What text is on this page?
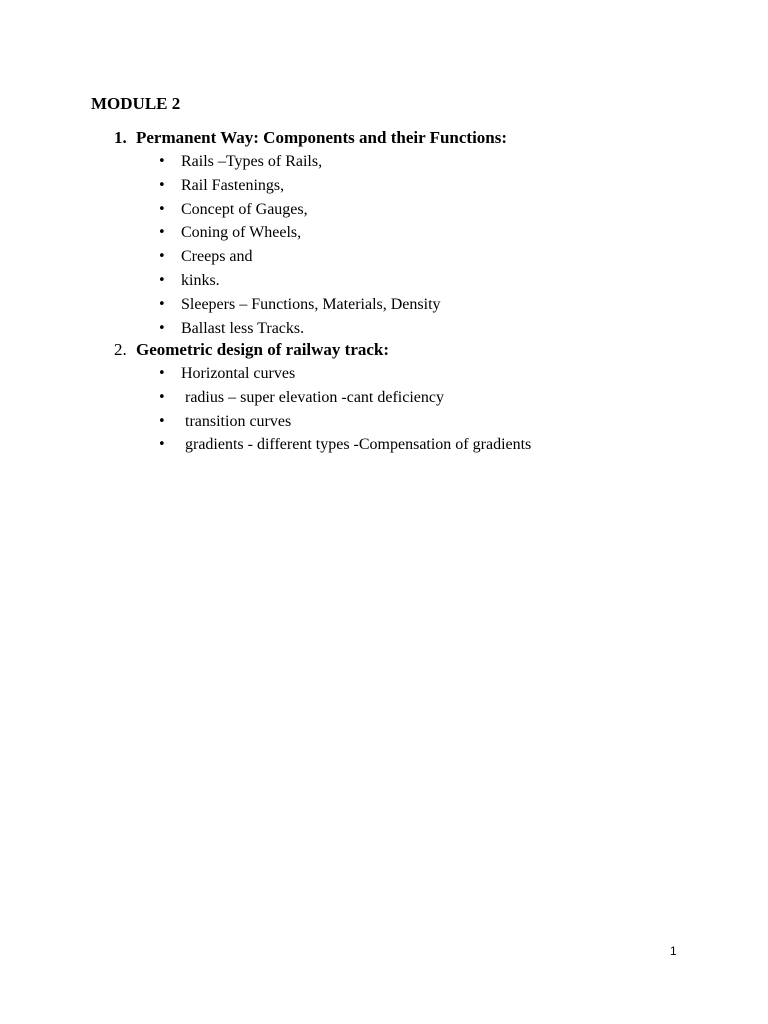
MODULE 2
1. Permanent Way: Components and their Functions:
• Rails –Types of Rails,
• Rail Fastenings,
• Concept of Gauges,
• Coning of Wheels,
• Creeps and
• kinks.
• Sleepers – Functions, Materials, Density
• Ballast less Tracks.
2. Geometric design of railway track:
• Horizontal curves
• radius – super elevation -cant deficiency
• transition curves
• gradients - different types -Compensation of gradients
1
